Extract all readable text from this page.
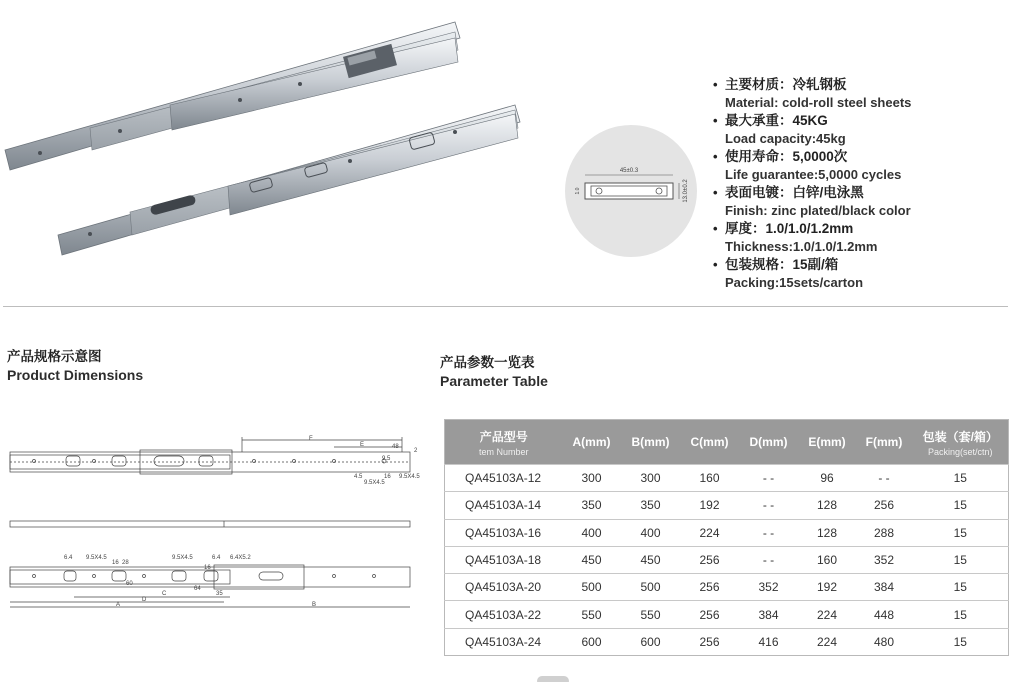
45±0.3
13.0±0.2
1.0
• 主要材质：冷轧钢板
Material: cold-roll steel sheets
• 最大承重：45KG
Load capacity:45kg
• 使用寿命：5,0000次
Life guarantee:5,0000 cycles
• 表面电镀：白锌/电泳黑
Finish: zinc plated/black color
• 厚度：1.0/1.0/1.2mm
Thickness:1.0/1.0/1.2mm
• 包装规格：15副/箱
Packing:15sets/carton
产品规格示意图
Product Dimensions
产品参数一览表
Parameter Table
F
E	48
2
4.5	16
9.5
9.5X4.5
9.5X4.5
6.4 9.5X4.5
16 28
9.5X4.5	6.4 6.4X5.2
16
60
64
35
C
D
A	B
产品型号
tem Number	A(mm)	B(mm)	C(mm)	D(mm)	E(mm)	F(mm)	包装（套/箱）
Packing(set/ctn)

QA45103A-12	300	300	160	- -	96	- -	15
QA45103A-14	350	350	192	- -	128	256	15
QA45103A-16	400	400	224	- -	128	288	15
QA45103A-18	450	450	256	- -	160	352	15
QA45103A-20	500	500	256	352	192	384	15
QA45103A-22	550	550	256	384	224	448	15
QA45103A-24	600	600	256	416	224	480	15
